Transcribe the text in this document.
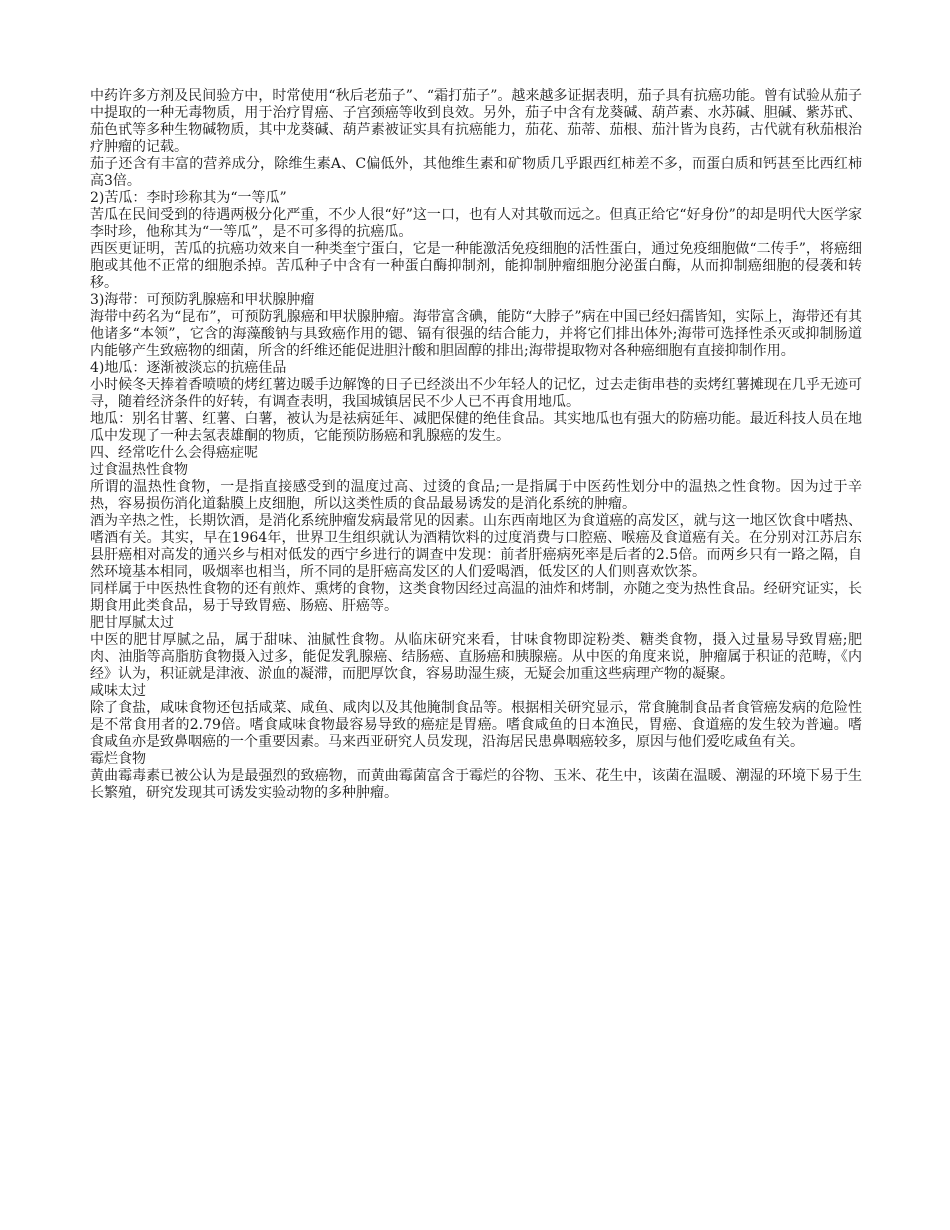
中药许多方剂及民间验方中，时常使用“秋后老茄子”、“霜打茄子”。越来越多证据表明，茄子具有抗癌功能。曾有试验从茄子中提取的一种无毒物质，用于治疗胃癌、子宫颈癌等收到良效。另外，茄子中含有龙葵碱、葫芦素、水苏碱、胆碱、紫苏甙、茄色甙等多种生物碱物质，其中龙葵碱、葫芦素被证实具有抗癌能力，茄花、茄蒂、茄根、茄汁皆为良药，古代就有秋茄根治疗肿瘤的记载。

茄子还含有丰富的营养成分，除维生素A、C偏低外，其他维生素和矿物质几乎跟西红柿差不多，而蛋白质和钙甚至比西红柿高3倍。

2)苦瓜：李时珍称其为“一等瓜”

苦瓜在民间受到的待遇两极分化严重，不少人很“好”这一口，也有人对其敬而远之。但真正给它“好身份”的却是明代大医学家李时珍，他称其为“一等瓜”，是不可多得的抗癌瓜。

西医更证明，苦瓜的抗癌功效来自一种类奎宁蛋白，它是一种能激活免疫细胞的活性蛋白，通过免疫细胞做“二传手”，将癌细胞或其他不正常的细胞杀掉。苦瓜种子中含有一种蛋白酶抑制剂，能抑制肿瘤细胞分泌蛋白酶，从而抑制癌细胞的侵袭和转移。

3)海带：可预防乳腺癌和甲状腺肿瘤

海带中药名为“昆布”，可预防乳腺癌和甲状腺肿瘤。海带富含碘，能防“大脖子”病在中国已经妇孺皆知，实际上，海带还有其他诸多“本领”，它含的海藻酸钠与具致癌作用的锶、镉有很强的结合能力，并将它们排出体外;海带可选择性杀灭或抑制肠道内能够产生致癌物的细菌，所含的纤维还能促进胆汁酸和胆固醇的排出;海带提取物对各种癌细胞有直接抑制作用。

4)地瓜：逐渐被淡忘的抗癌佳品

小时候冬天捧着香喷喷的烤红薯边暖手边解馋的日子已经淡出不少年轻人的记忆，过去走街串巷的卖烤红薯摊现在几乎无迹可寻，随着经济条件的好转，有调查表明，我国城镇居民不少人已不再食用地瓜。

地瓜：别名甘薯、红薯、白薯，被认为是祛病延年、减肥保健的绝佳食品。其实地瓜也有强大的防癌功能。最近科技人员在地瓜中发现了一种去氢表雄酮的物质，它能预防肠癌和乳腺癌的发生。

四、经常吃什么会得癌症呢

过食温热性食物

所谓的温热性食物，一是指直接感受到的温度过高、过烫的食品;一是指属于中医药性划分中的温热之性食物。因为过于辛热，容易损伤消化道黏膜上皮细胞，所以这类性质的食品最易诱发的是消化系统的肿瘤。

酒为辛热之性，长期饮酒，是消化系统肿瘤发病最常见的因素。山东西南地区为食道癌的高发区，就与这一地区饮食中嗜热、嗜酒有关。其实，早在1964年，世界卫生组织就认为酒精饮料的过度消费与口腔癌、喉癌及食道癌有关。在分别对江苏启东县肝癌相对高发的通兴乡与相对低发的西宁乡进行的调查中发现：前者肝癌病死率是后者的2.5倍。而两乡只有一路之隔，自然环境基本相同，吸烟率也相当，所不同的是肝癌高发区的人们爱喝酒，低发区的人们则喜欢饮茶。

同样属于中医热性食物的还有煎炸、熏烤的食物，这类食物因经过高温的油炸和烤制，亦随之变为热性食品。经研究证实，长期食用此类食品，易于导致胃癌、肠癌、肝癌等。

肥甘厚腻太过

中医的肥甘厚腻之品，属于甜味、油腻性食物。从临床研究来看，甘味食物即淀粉类、糖类食物，摄入过量易导致胃癌;肥肉、油脂等高脂肪食物摄入过多，能促发乳腺癌、结肠癌、直肠癌和胰腺癌。从中医的角度来说，肿瘤属于积证的范畴，《内经》认为，积证就是津液、淤血的凝滞，而肥厚饮食，容易助湿生痰，无疑会加重这些病理产物的凝聚。

咸味太过

除了食盐，咸味食物还包括咸菜、咸鱼、咸肉以及其他腌制食品等。根据相关研究显示，常食腌制食品者食管癌发病的危险性是不常食用者的2.79倍。嗜食咸味食物最容易导致的癌症是胃癌。嗜食咸鱼的日本渔民，胃癌、食道癌的发生较为普遍。嗜食咸鱼亦是致鼻咽癌的一个重要因素。马来西亚研究人员发现，沿海居民患鼻咽癌较多，原因与他们爱吃咸鱼有关。

霉烂食物

黄曲霉毒素已被公认为是最强烈的致癌物，而黄曲霉菌富含于霉烂的谷物、玉米、花生中，该菌在温暖、潮湿的环境下易于生长繁殖，研究发现其可诱发实验动物的多种肿瘤。
